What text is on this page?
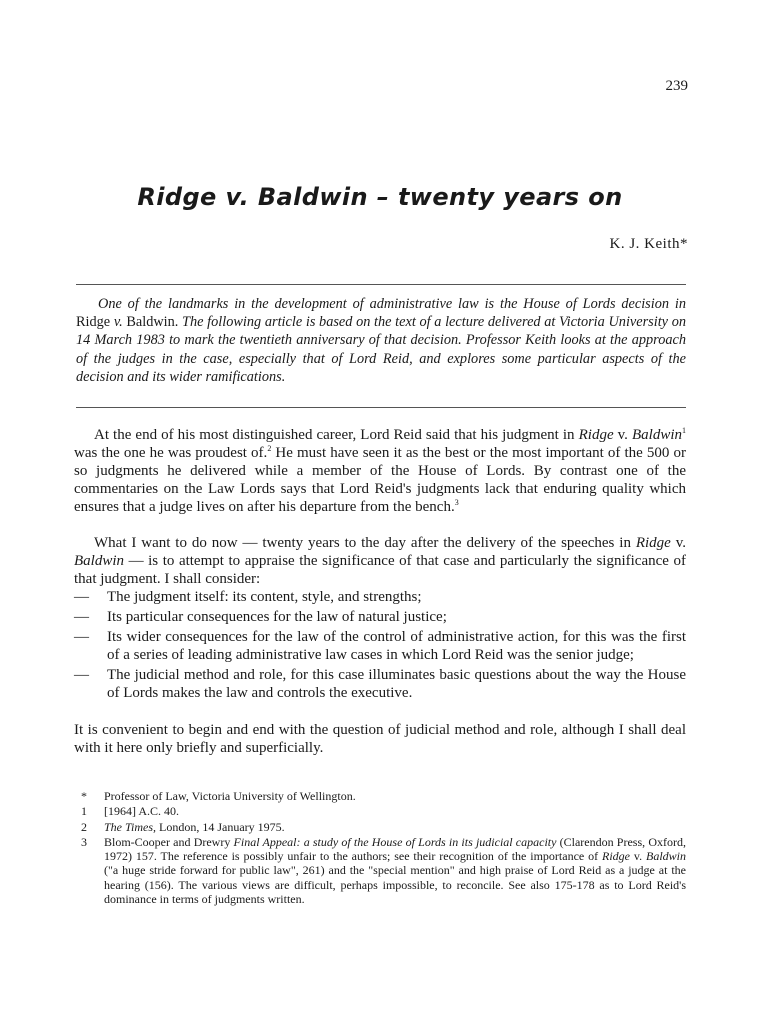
239
Ridge v. Baldwin – twenty years on
K. J. Keith*

One of the landmarks in the development of administrative law is the House of Lords decision in Ridge v. Baldwin. The following article is based on the text of a lecture delivered at Victoria University on 14 March 1983 to mark the twentieth anniversary of that decision. Professor Keith looks at the approach of the judges in the case, especially that of Lord Reid, and explores some particular aspects of the decision and its wider ramifications.

At the end of his most distinguished career, Lord Reid said that his judgment in Ridge v. Baldwin$^1$ was the one he was proudest of.$^2$ He must have seen it as the best or the most important of the 500 or so judgments he delivered while a member of the House of Lords. By contrast one of the commentaries on the Law Lords says that Lord Reid's judgments lack that enduring quality which ensures that a judge lives on after his departure from the bench.$^3$

What I want to do now — twenty years to the day after the delivery of the speeches in Ridge v. Baldwin — is to attempt to appraise the significance of that case and particularly the significance of that judgment. I shall consider:

— The judgment itself: its content, style, and strengths;
— Its particular consequences for the law of natural justice;
— Its wider consequences for the law of the control of administrative action, for this was the first of a series of leading administrative law cases in which Lord Reid was the senior judge;
— The judicial method and role, for this case illuminates basic questions about the way the House of Lords makes the law and controls the executive.

It is convenient to begin and end with the question of judicial method and role, although I shall deal with it here only briefly and superficially.

* Professor of Law, Victoria University of Wellington.
1 [1964] A.C. 40.
2 The Times, London, 14 January 1975.
3 Blom-Cooper and Drewry Final Appeal: a study of the House of Lords in its judicial capacity (Clarendon Press, Oxford, 1972) 157. The reference is possibly unfair to the authors; see their recognition of the importance of Ridge v. Baldwin ("a huge stride forward for public law", 261) and the "special mention" and high praise of Lord Reid as a judge at the hearing (156). The various views are difficult, perhaps impossible, to reconcile. See also 175-178 as to Lord Reid's dominance in terms of judgments written.
